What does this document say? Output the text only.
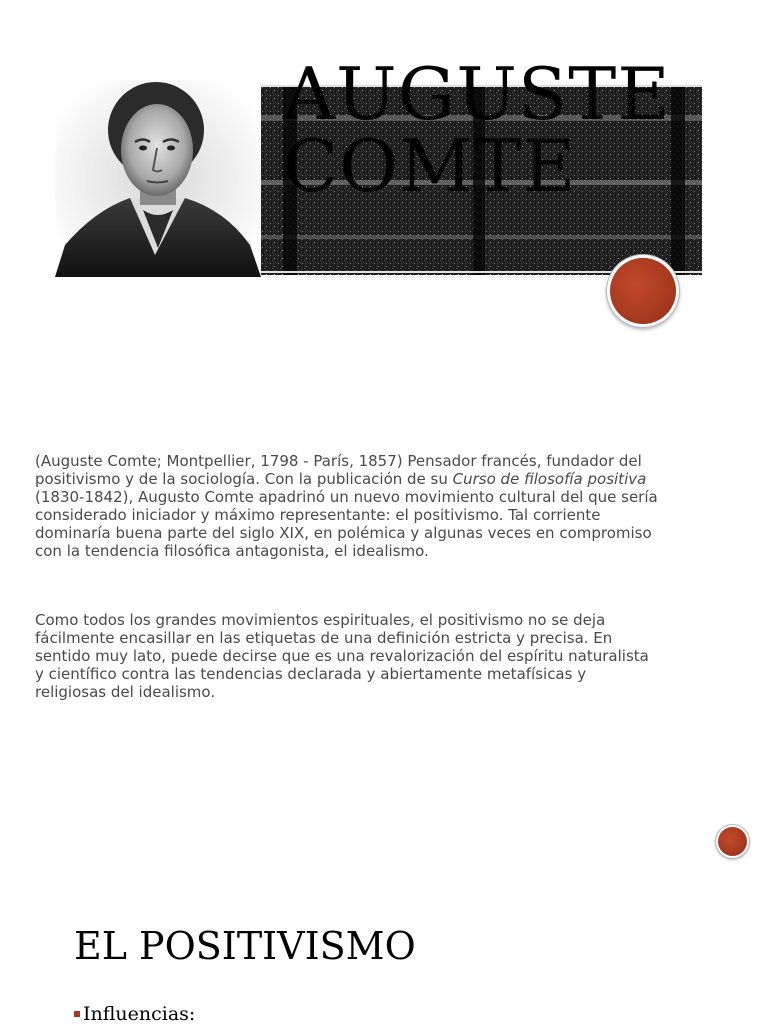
AUGUSTE
COMTE

(Auguste Comte; Montpellier, 1798 - París, 1857) Pensador francés, fundador del positivismo y de la sociología. Con la publicación de su Curso de filosofía positiva (1830-1842), Augusto Comte apadrinó un nuevo movimiento cultural del que sería considerado iniciador y máximo representante: el positivismo. Tal corriente dominaría buena parte del siglo XIX, en polémica y algunas veces en compromiso con la tendencia filosófica antagonista, el idealismo.

Como todos los grandes movimientos espirituales, el positivismo no se deja fácilmente encasillar en las etiquetas de una definición estricta y precisa. En sentido muy lato, puede decirse que es una revalorización del espíritu naturalista y científico contra las tendencias declarada y abiertamente metafísicas y religiosas del idealismo.

EL POSITIVISMO
Influencias:
